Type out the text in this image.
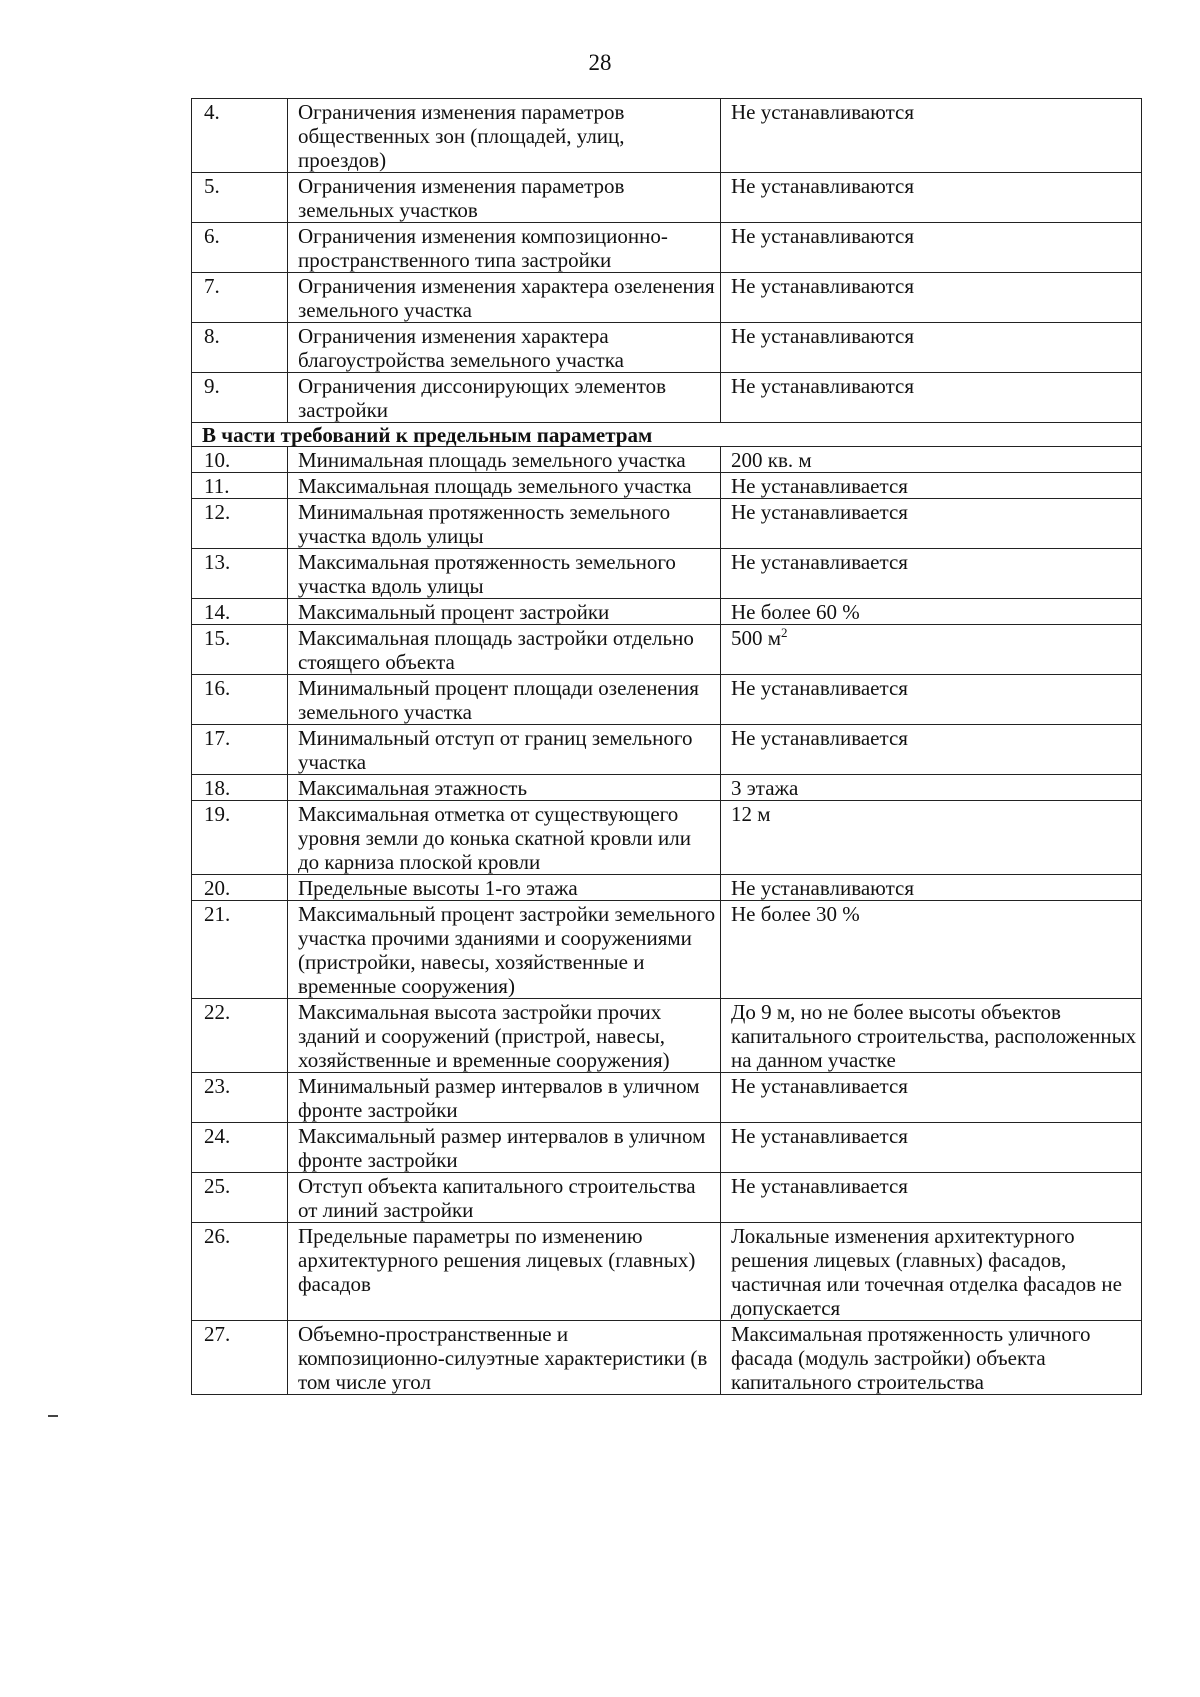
28
4.	Ограничения изменения параметров общественных зон (площадей, улиц, проездов)	Не устанавливаются
5.	Ограничения изменения параметров земельных участков	Не устанавливаются
6.	Ограничения изменения композиционно-пространственного типа застройки	Не устанавливаются
7.	Ограничения изменения характера озеленения земельного участка	Не устанавливаются
8.	Ограничения изменения характера благоустройства земельного участка	Не устанавливаются
9.	Ограничения диссонирующих элементов застройки	Не устанавливаются
В части требований к предельным параметрам		
10.	Минимальная площадь земельного участка	200 кв. м
11.	Максимальная площадь земельного участка	Не устанавливается
12.	Минимальная протяженность земельного участка вдоль улицы	Не устанавливается
13.	Максимальная протяженность земельного участка вдоль улицы	Не устанавливается
14.	Максимальный процент застройки	Не более 60 %
15.	Максимальная площадь застройки отдельно стоящего объекта	500 $м^2$
16.	Минимальный процент площади озеленения земельного участка	Не устанавливается
17.	Минимальный отступ от границ земельного участка	Не устанавливается
18.	Максимальная этажность	3 этажа
19.	Максимальная отметка от существующего уровня земли до конька скатной кровли или до карниза плоской кровли	12 м
20.	Предельные высоты 1-го этажа	Не устанавливаются
21.	Максимальный процент застройки земельного участка прочими зданиями и сооружениями (пристройки, навесы, хозяйственные и временные сооружения)	Не более 30 %
22.	Максимальная высота застройки прочих зданий и сооружений (пристрой, навесы, хозяйственные и временные сооружения)	До 9 м, но не более высоты объектов капитального строительства, расположенных на данном участке
23.	Минимальный размер интервалов в уличном фронте застройки	Не устанавливается
24.	Максимальный размер интервалов в уличном фронте застройки	Не устанавливается
25.	Отступ объекта капитального строительства от линий застройки	Не устанавливается
26.	Предельные параметры по изменению архитектурного решения лицевых (главных) фасадов	Локальные изменения архитектурного решения лицевых (главных) фасадов, частичная или точечная отделка фасадов не допускается
27.	Объемно-пространственные и композиционно-силуэтные характеристики (в том числе угол	Максимальная протяженность уличного фасада (модуль застройки) объекта капитального строительства
